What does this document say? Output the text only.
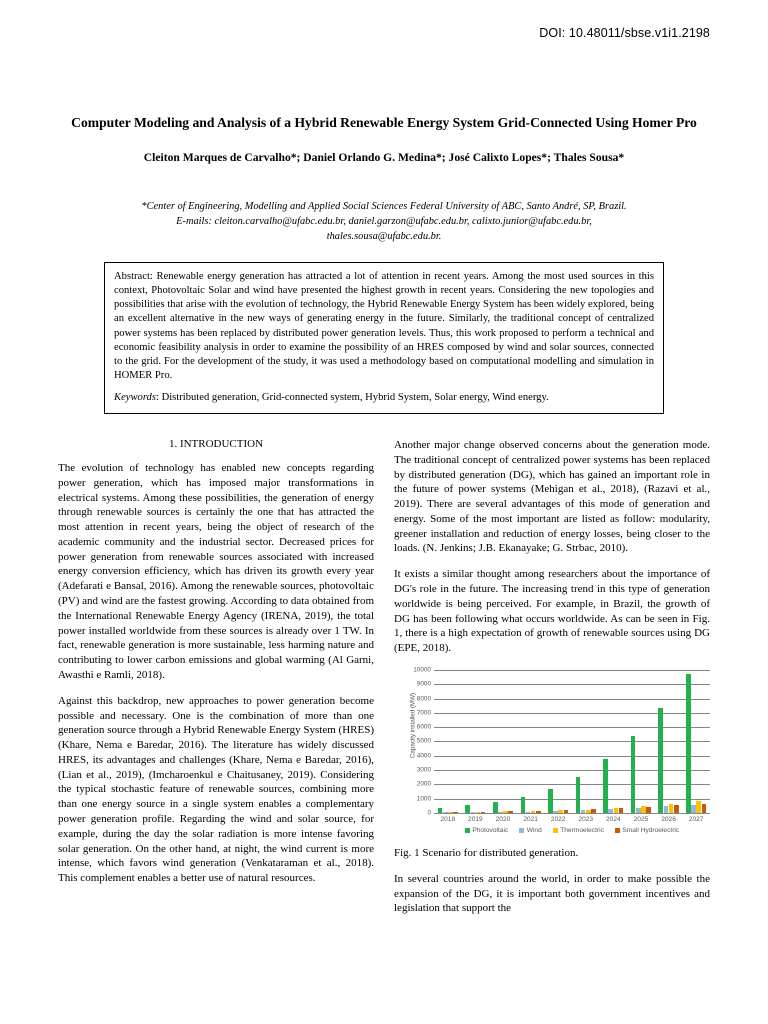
DOI: 10.48011/sbse.v1i1.2198
Computer Modeling and Analysis of a Hybrid Renewable Energy System Grid-Connected Using Homer Pro
Cleiton Marques de Carvalho*; Daniel Orlando G. Medina*; José Calixto Lopes*; Thales Sousa*
*Center of Engineering, Modelling and Applied Social Sciences Federal University of ABC, Santo André, SP, Brazil.
E-mails: cleiton.carvalho@ufabc.edu.br, daniel.garzon@ufabc.edu.br, calixto.junior@ufabc.edu.br,
thales.sousa@ufabc.edu.br.

Abstract: Renewable energy generation has attracted a lot of attention in recent years. Among the most used sources in this context, Photovoltaic Solar and wind have presented the highest growth in recent years. Considering the new topologies and possibilities that arise with the evolution of technology, the Hybrid Renewable Energy System has been widely explored, being an excellent alternative in the new ways of generating energy in the future. Similarly, the traditional concept of centralized power systems has been replaced by distributed power generation levels. Thus, this work proposed to perform a technical and economic feasibility analysis in order to examine the possibility of an HRES composed by wind and solar sources, connected to the grid. For the development of the study, it was used a methodology based on computational modelling and simulation in HOMER Pro.

Keywords: Distributed generation, Grid-connected system, Hybrid System, Solar energy, Wind energy.

1. INTRODUCTION

The evolution of technology has enabled new concepts regarding power generation, which has imposed major transformations in electrical systems. Among these possibilities, the generation of energy through renewable sources is certainly the one that has attracted the most attention in recent years, being the object of research of the academic community and the industrial sector. Decreased prices for power generation from renewable sources associated with increased energy conversion efficiency, which has driven its growth every year (Adefarati e Bansal, 2016). Among the renewable sources, photovoltaic (PV) and wind are the fastest growing. According to data obtained from the International Renewable Energy Agency (IRENA, 2019), the total power installed worldwide from these sources is already over 1 TW. In fact, renewable generation is more sustainable, less harming nature and contributing to lower carbon emissions and global warming (Al Garni, Awasthi e Ramli, 2018).

Against this backdrop, new approaches to power generation become possible and necessary. One is the combination of more than one generation source through a Hybrid Renewable Energy System (HRES) (Khare, Nema e Baredar, 2016). The literature has widely discussed HRES, its advantages and challenges (Khare, Nema e Baredar, 2016), (Lian et al., 2019), (Imcharoenkul e Chaitusaney, 2019). Considering the typical stochastic feature of renewable sources, combining more than one energy source in a single system enables a complementary power generation profile. Regarding the wind and solar source, for example, during the day the solar radiation is more intense favoring solar generation. On the other hand, at night, the wind current is more intense, which favors wind generation (Venkataraman et al., 2018). This complement enables a better use of natural resources.

Another major change observed concerns about the generation mode. The traditional concept of centralized power systems has been replaced by distributed generation (DG), which has gained an important role in the future of power systems (Mehigan et al., 2018), (Razavi et al., 2019). There are several advantages of this mode of generation and energy. Some of the most important are listed as follow: modularity, greener installation and reduction of energy losses, being closer to the loads. (N. Jenkins; J.B. Ekanayake; G. Strbac, 2010).

It exists a similar thought among researchers about the importance of DG's role in the future. The increasing trend in this type of generation worldwide is being perceived. For example, in Brazil, the growth of DG has been following what occurs worldwide. As can be seen in Fig. 1, there is a high expectation of growth of renewable sources using DG (EPE, 2018).

Capacity installed (MW)
0
1000
2000
3000
4000
5000
6000
7000
8000
9000
10000
2018	2019	2020	2021	2022	2023	2024	2025	2026	2027
Photovoltaic	Wind	Thermoelectric	Small Hydroelectric
Fig. 1 Scenario for distributed generation.

In several countries around the world, in order to make possible the expansion of the DG, it is important both government incentives and legislation that support the
